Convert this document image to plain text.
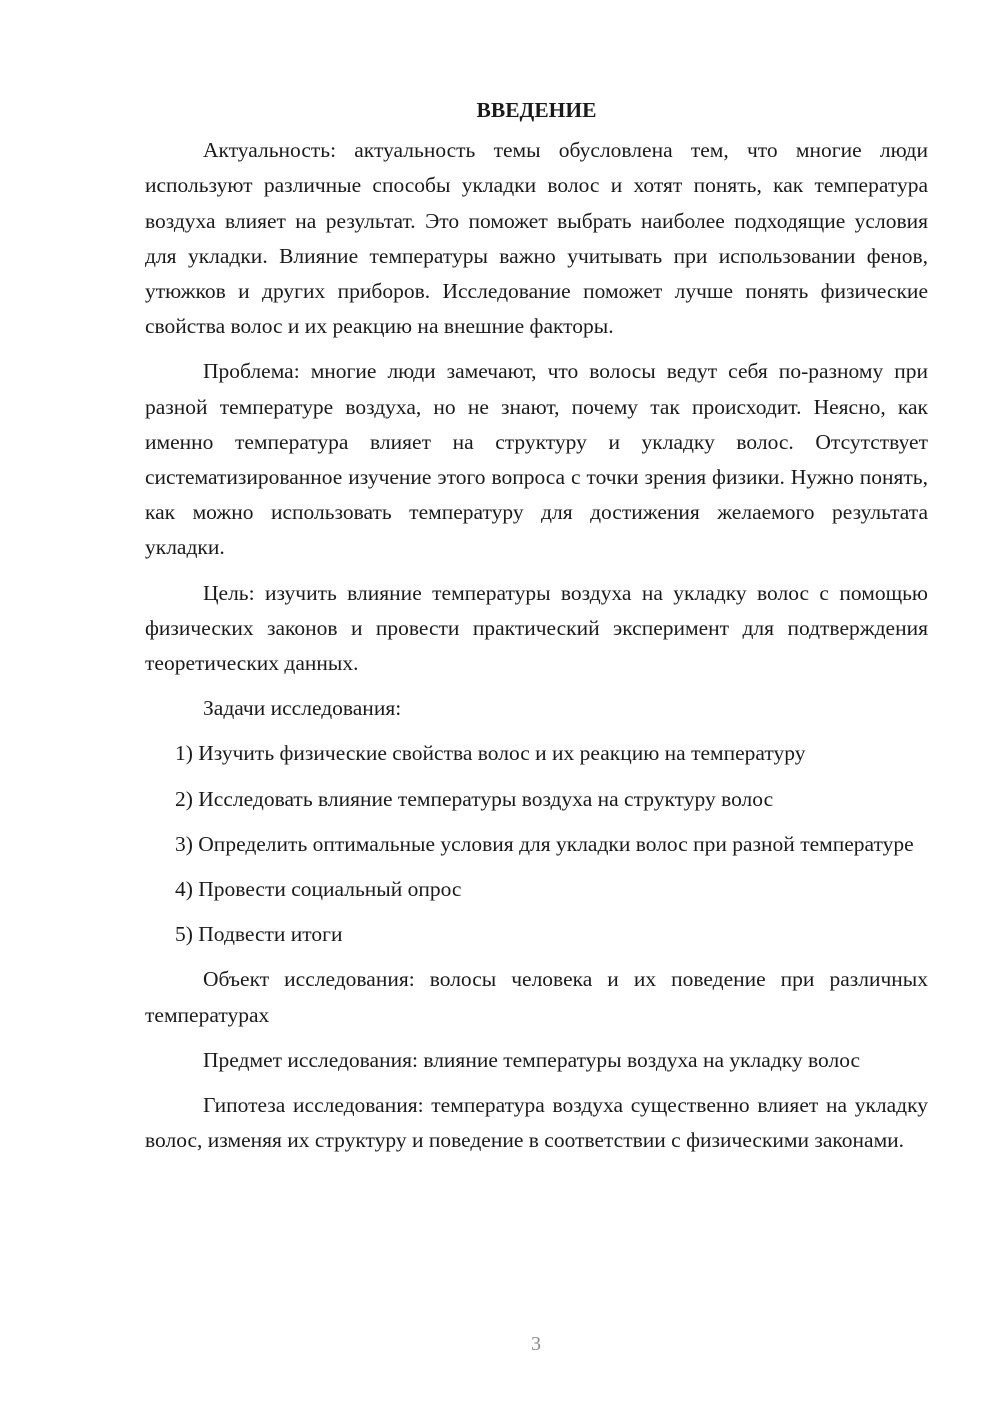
ВВЕДЕНИЕ

Актуальность: актуальность темы обусловлена тем, что многие люди используют различные способы укладки волос и хотят понять, как температура воздуха влияет на результат. Это поможет выбрать наиболее подходящие условия для укладки. Влияние температуры важно учитывать при использовании фенов, утюжков и других приборов. Исследование поможет лучше понять физические свойства волос и их реакцию на внешние факторы.

Проблема: многие люди замечают, что волосы ведут себя по-разному при разной температуре воздуха, но не знают, почему так происходит. Неясно, как именно температура влияет на структуру и укладку волос. Отсутствует систематизированное изучение этого вопроса с точки зрения физики. Нужно понять, как можно использовать температуру для достижения желаемого результата укладки.

Цель: изучить влияние температуры воздуха на укладку волос с помощью физических законов и провести практический эксперимент для подтверждения теоретических данных.

Задачи исследования:

1) Изучить физические свойства волос и их реакцию на температуру

2) Исследовать влияние температуры воздуха на структуру волос

3) Определить оптимальные условия для укладки волос при разной температуре

4) Провести социальный опрос

5) Подвести итоги

Объект исследования: волосы человека и их поведение при различных температурах

Предмет исследования: влияние температуры воздуха на укладку волос

Гипотеза исследования: температура воздуха существенно влияет на укладку волос, изменяя их структуру и поведение в соответствии с физическими законами.

3
